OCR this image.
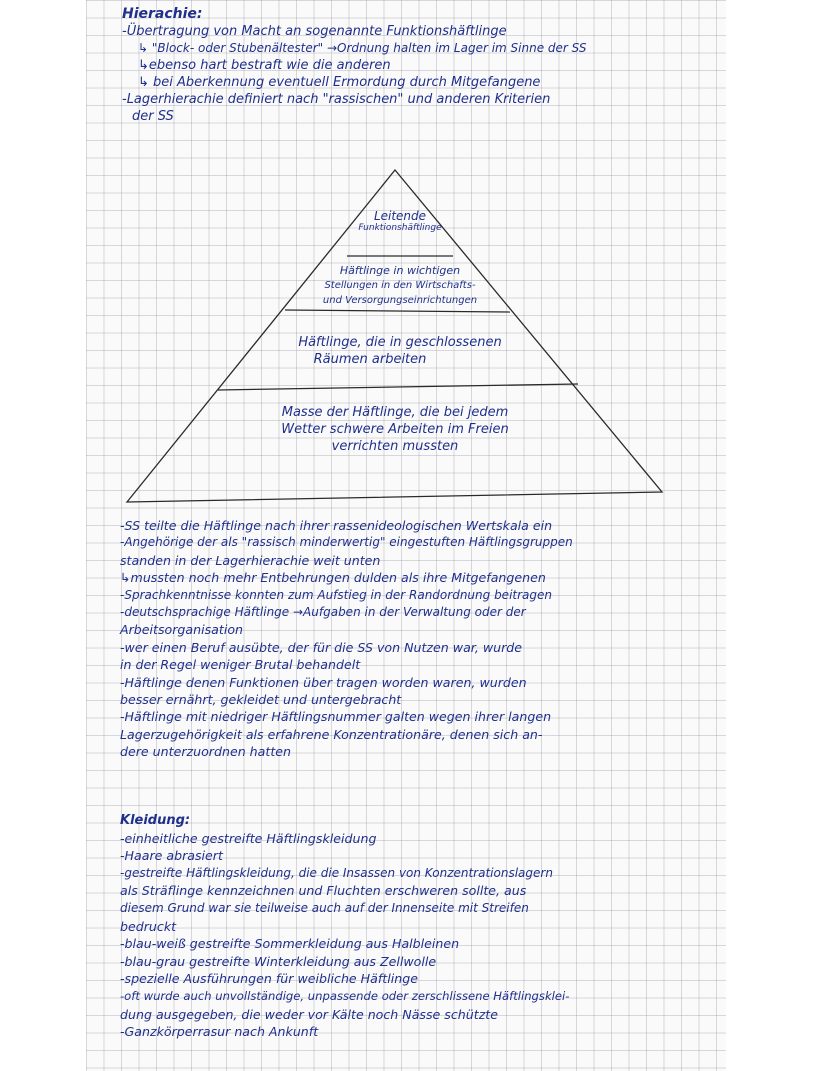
Hierachie:
-Übertragung von Macht an sogenannte Funktionshäftlinge
↳ "Block- oder Stubenältester" →Ordnung halten im Lager im Sinne der SS
↳ebenso hart bestraft wie die anderen
↳ bei Aberkennung eventuell Ermordung durch Mitgefangene
-Lagerhierachie definiert nach "rassischen" und anderen Kriterien
der SS
Leitende
Funktionshäftlinge
Häftlinge in wichtigen
Stellungen in den Wirtschafts-
und Versorgungseinrichtungen
Häftlinge, die in geschlossenen
Räumen arbeiten
Masse der Häftlinge, die bei jedem
Wetter schwere Arbeiten im Freien
verrichten mussten
-SS teilte die Häftlinge nach ihrer rassenideologischen Wertskala ein
-Angehörige der als "rassisch minderwertig" eingestuften Häftlingsgruppen
standen in der Lagerhierachie weit unten
↳mussten noch mehr Entbehrungen dulden als ihre Mitgefangenen
-Sprachkenntnisse konnten zum Aufstieg in der Randordnung beitragen
-deutschsprachige Häftlinge →Aufgaben in der Verwaltung oder der
Arbeitsorganisation
-wer einen Beruf ausübte, der für die SS von Nutzen war, wurde
in der Regel weniger Brutal behandelt
-Häftlinge denen Funktionen über tragen worden waren, wurden
besser ernährt, gekleidet und untergebracht
-Häftlinge mit niedriger Häftlingsnummer galten wegen ihrer langen
Lagerzugehörigkeit als erfahrene Konzentrationäre, denen sich an-
dere unterzuordnen hatten
Kleidung:
-einheitliche gestreifte Häftlingskleidung
-Haare abrasiert
-gestreifte Häftlingskleidung, die die Insassen von Konzentrationslagern
als Sträflinge kennzeichnen und Fluchten erschweren sollte, aus
diesem Grund war sie teilweise auch auf der Innenseite mit Streifen
bedruckt
-blau-weiß gestreifte Sommerkleidung aus Halbleinen
-blau-grau gestreifte Winterkleidung aus Zellwolle
-spezielle Ausführungen für weibliche Häftlinge
-oft wurde auch unvollständige, unpassende oder zerschlissene Häftlingsklei-
dung ausgegeben, die weder vor Kälte noch Nässe schützte
-Ganzkörperrasur nach Ankunft
